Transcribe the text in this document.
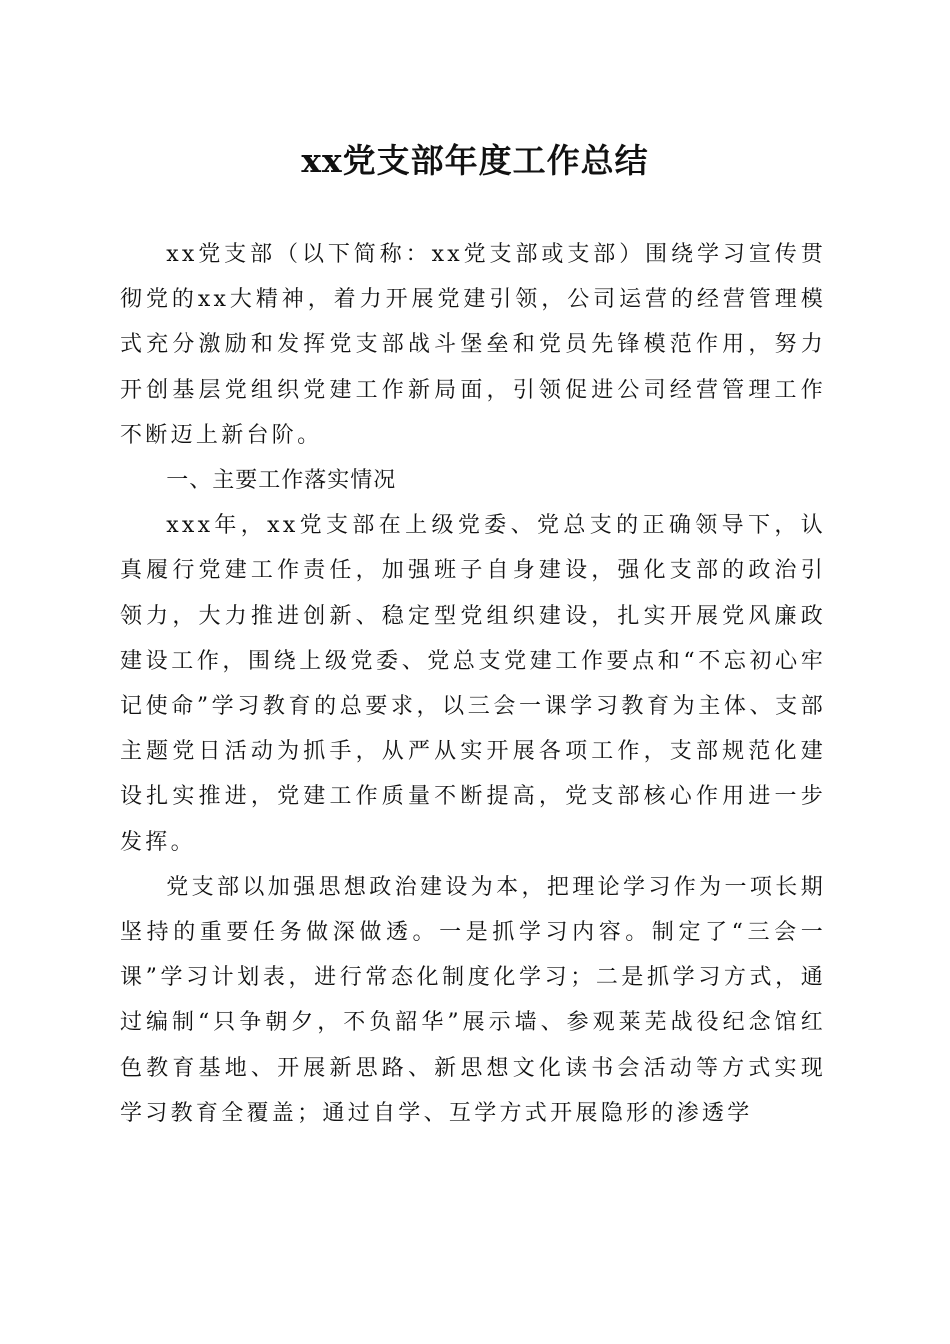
xx党支部年度工作总结

xx党支部（以下简称：xx党支部或支部）围绕学习宣传贯彻党的xx大精神，着力开展党建引领，公司运营的经营管理模式充分激励和发挥党支部战斗堡垒和党员先锋模范作用，努力开创基层党组织党建工作新局面，引领促进公司经营管理工作不断迈上新台阶。

一、主要工作落实情况

xxx年，xx党支部在上级党委、党总支的正确领导下，认真履行党建工作责任，加强班子自身建设，强化支部的政治引领力，大力推进创新、稳定型党组织建设，扎实开展党风廉政建设工作，围绕上级党委、党总支党建工作要点和“不忘初心牢记使命”学习教育的总要求，以三会一课学习教育为主体、支部主题党日活动为抓手，从严从实开展各项工作，支部规范化建设扎实推进，党建工作质量不断提高，党支部核心作用进一步发挥。

党支部以加强思想政治建设为本，把理论学习作为一项长期坚持的重要任务做深做透。一是抓学习内容。制定了“三会一课”学习计划表，进行常态化制度化学习；二是抓学习方式，通过编制“只争朝夕，不负韶华”展示墙、参观莱芜战役纪念馆红色教育基地、开展新思路、新思想文化读书会活动等方式实现学习教育全覆盖；通过自学、互学方式开展隐形的渗透学
